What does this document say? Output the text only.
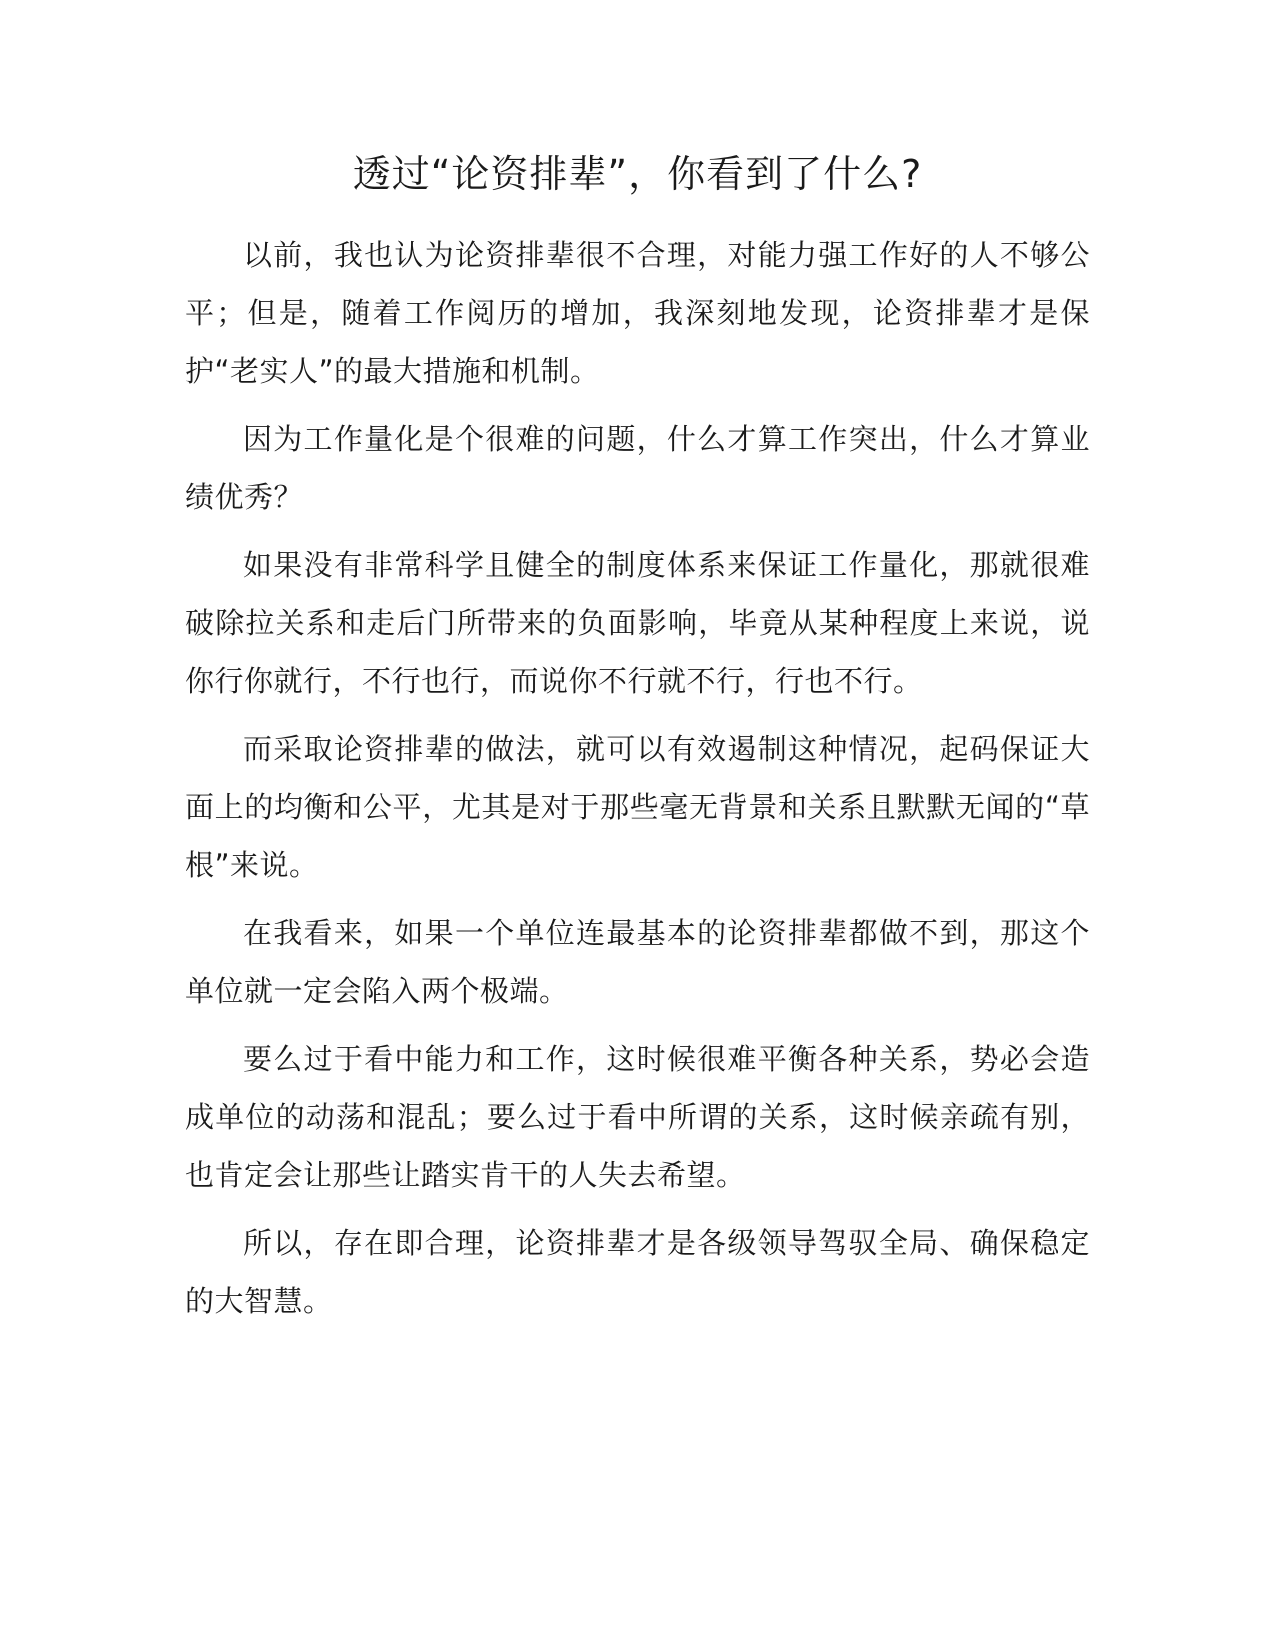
透过“论资排辈”，你看到了什么?

以前，我也认为论资排辈很不合理，对能力强工作好的人不够公平；但是，随着工作阅历的增加，我深刻地发现，论资排辈才是保护“老实人”的最大措施和机制。

因为工作量化是个很难的问题，什么才算工作突出，什么才算业绩优秀？

如果没有非常科学且健全的制度体系来保证工作量化，那就很难破除拉关系和走后门所带来的负面影响，毕竟从某种程度上来说，说你行你就行，不行也行，而说你不行就不行，行也不行。

而采取论资排辈的做法，就可以有效遏制这种情况，起码保证大面上的均衡和公平，尤其是对于那些毫无背景和关系且默默无闻的“草根”来说。

在我看来，如果一个单位连最基本的论资排辈都做不到，那这个单位就一定会陷入两个极端。

要么过于看中能力和工作，这时候很难平衡各种关系，势必会造成单位的动荡和混乱；要么过于看中所谓的关系，这时候亲疏有别，也肯定会让那些让踏实肯干的人失去希望。

所以，存在即合理，论资排辈才是各级领导驾驭全局、确保稳定的大智慧。
